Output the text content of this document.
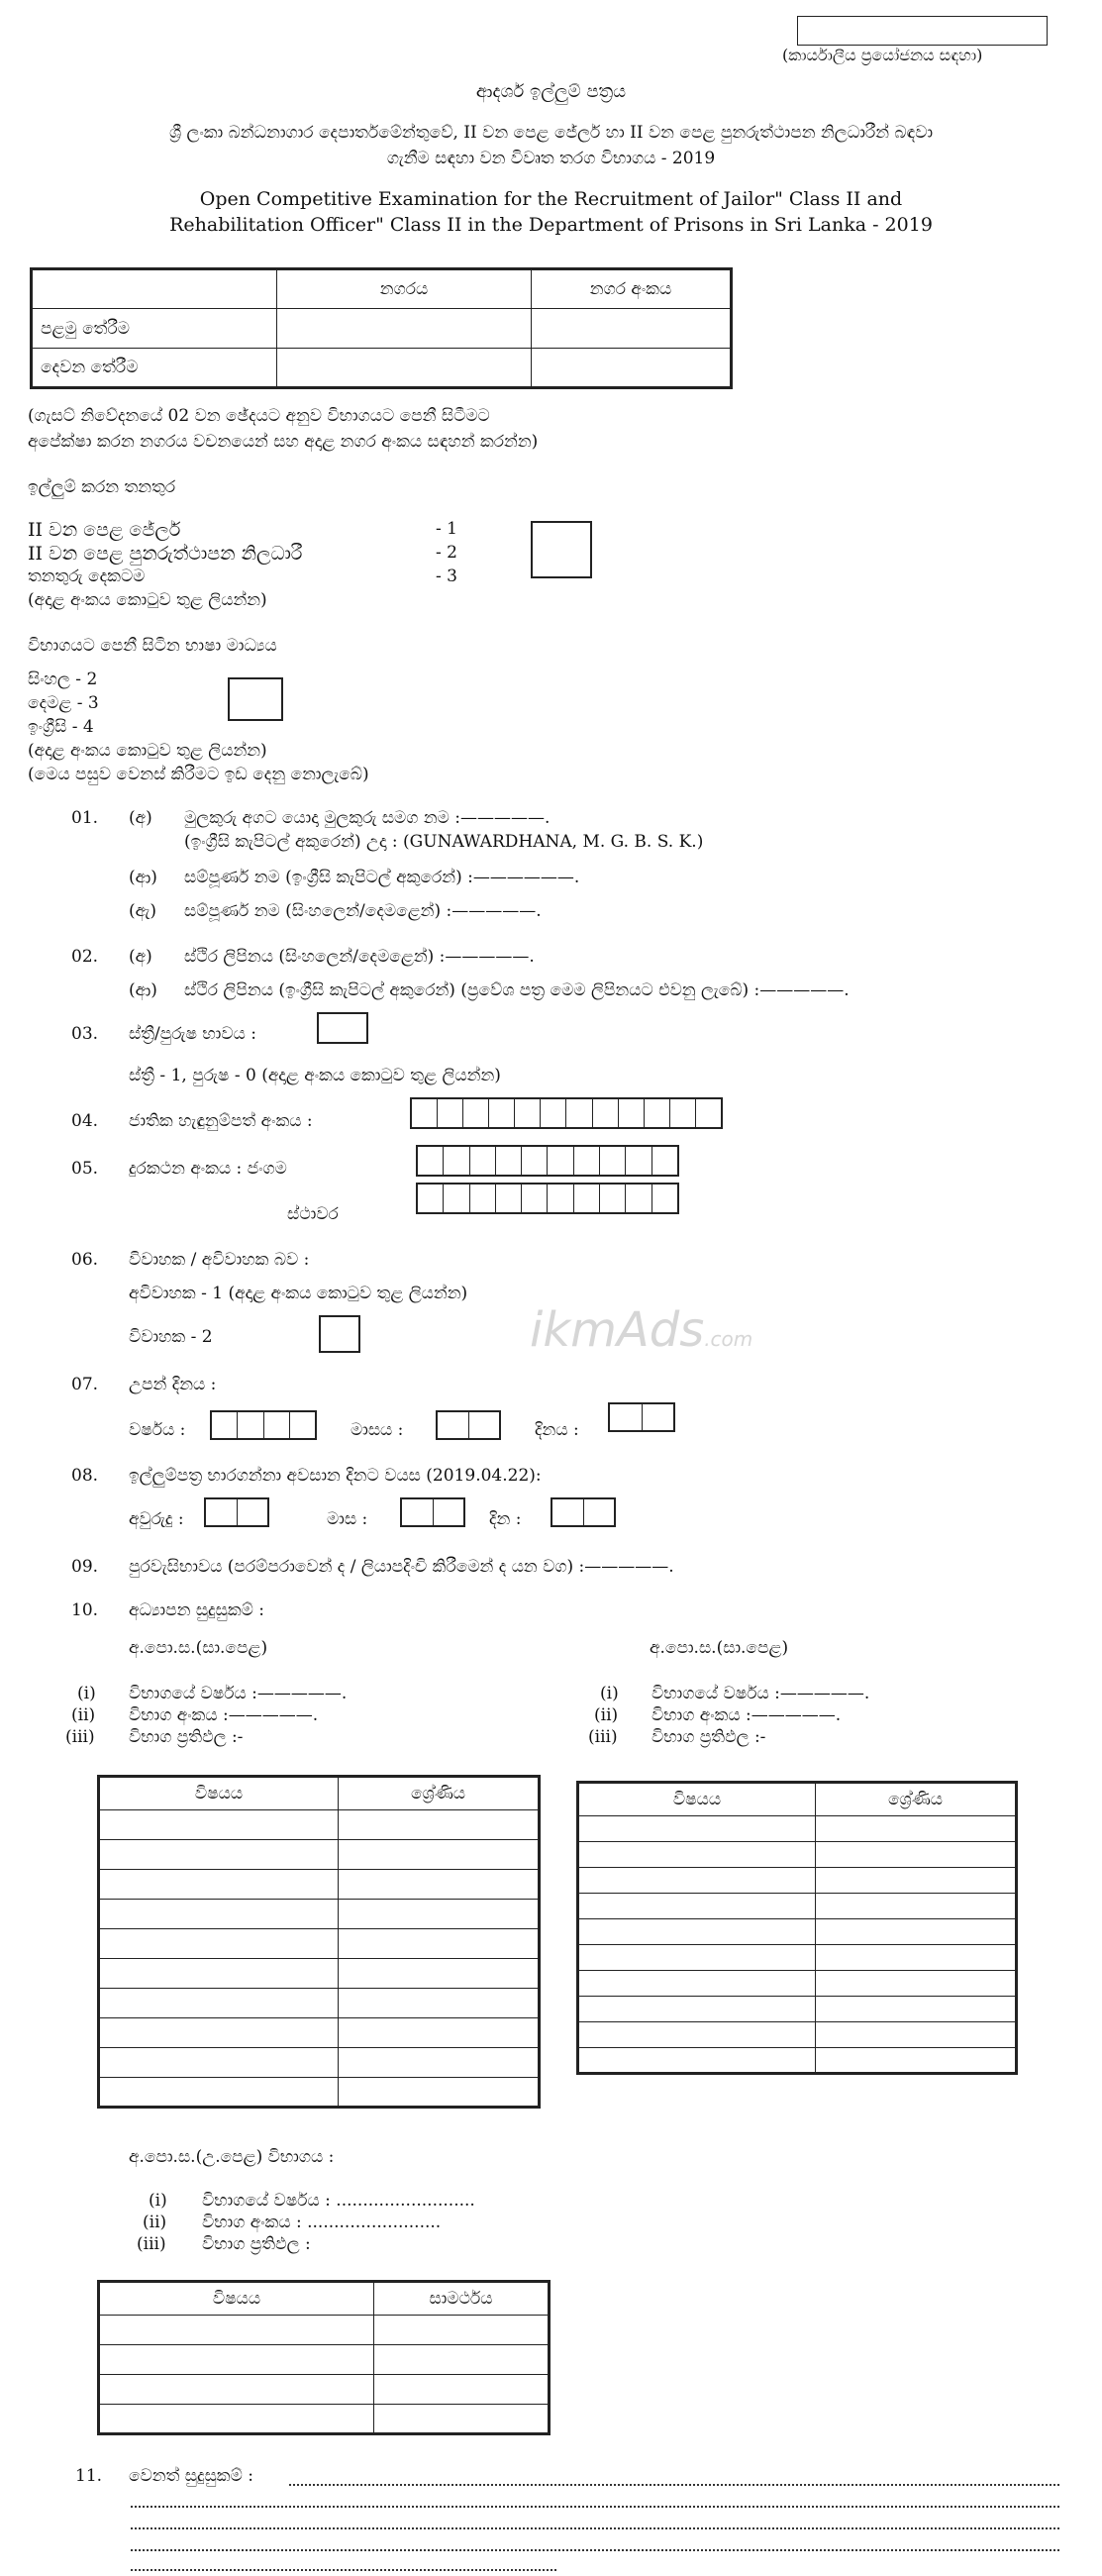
(කාර්යාලීය ප්‍රයෝජනය සඳහා)
ආදර්ශ ඉල්ලුම් පත්‍රය
ශ්‍රී ලංකා බන්ධනාගාර දෙපාර්තමේන්තුවේ, II වන පෙළ ජේලර් හා II වන පෙළ පුනරුත්ථාපන නිලධාරීන් බඳවා
ගැනීම සඳහා වන විවෘත තරග විභාගය - 2019
Open Competitive Examination for the Recruitment of Jailor" Class II and
Rehabilitation Officer" Class II in the Department of Prisons in Sri Lanka - 2019
	නගරය	නගර අංකය
පළමු තේරීම		
දෙවන තේරීම		
(ගැසට් නිවේදනයේ 02 වන ඡේදයට අනුව විභාගයට පෙනී සිටීමට
අපේක්ෂා කරන නගරය වචනයෙන් සහ අදාළ නගර අංකය සඳහන් කරන්න)
ඉල්ලුම් කරන තනතුර
II වන පෙළ ජේලර්	- 1
II වන පෙළ පුනරුත්ථාපන නිලධාරී	- 2
තනතුරු දෙකටම	- 3
(අදාළ අංකය කොටුව තුළ ලියන්න)
විභාගයට පෙනී සිටින භාෂා මාධ්‍යය
සිංහල - 2
දෙමළ - 3
ඉංග්‍රීසි - 4
(අදාළ අංකය කොටුව තුළ ලියන්න)
(මෙය පසුව වෙනස් කිරීමට ඉඩ දෙනු නොලැබේ)
01. (අ) මුලකුරු අගට යොදා මුලකුරු සමග නම :—————.
(ඉංග්‍රීසි කැපිටල් අකුරෙන්) උදා : (GUNAWARDHANA, M. G. B. S. K.)
(ආ) සම්පූර්ණ නම (ඉංග්‍රීසි කැපිටල් අකුරෙන්) :——————.
(ඇ) සම්පූර්ණ නම (සිංහලෙන්/දෙමළෙන්) :—————.
02. (අ) ස්ථිර ලිපිනය (සිංහලෙන්/දෙමළෙන්) :—————.
(ආ) ස්ථිර ලිපිනය (ඉංග්‍රීසි කැපිටල් අකුරෙන්) (ප්‍රවේශ පත්‍ර මෙම ලිපිනයට එවනු ලැබේ) :—————.
03. ස්ත්‍රී/පුරුෂ භාවය :
ස්ත්‍රී - 1, පුරුෂ - 0 (අදාළ අංකය කොටුව තුළ ලියන්න)
04. ජාතික හැඳුනුම්පත් අංකය :
05. දුරකථන අංකය : ජංගම
ස්ථාවර
06. විවාහක / අවිවාහක බව :
අවිවාහක - 1 (අදාළ අංකය කොටුව තුළ ලියන්න)
විවාහක - 2
07. උපන් දිනය :
වර්ෂය :	මාසය :	දිනය :
08. ඉල්ලුම්පත්‍ර භාරගන්නා අවසාන දිනට වයස (2019.04.22):
අවුරුදු :	මාස :	දින :
09. පුරවැසිභාවය (පරම්පරාවෙන් ද / ලියාපදිංචි කිරීමෙන් ද යන වග) :—————.
10. අධ්‍යාපන සුදුසුකම් :
අ.පො.ස.(සා.පෙළ)
(i) විභාගයේ වර්ෂය :—————.
(ii) විභාග අංකය :—————.
(iii) විභාග ප්‍රතිඵල :-
අ.පො.ස.(සා.පෙළ)
(i) විභාගයේ වර්ෂය :—————.
(ii) විභාග අංකය :—————.
(iii) විභාග ප්‍රතිඵල :-
විෂයය	ශ්‍රේණිය

		විෂයය	ශ්‍රේණිය

අ.පො.ස.(උ.පෙළ) විභාගය :
(i) විභාගයේ වර්ෂය : ..........................
(ii) විභාග අංකය : .........................
(iii) විභාග ප්‍රතිඵල :
විෂයය	සාමර්ථය

11. වෙනත් සුදුසුකම් :
ikmAds.com
